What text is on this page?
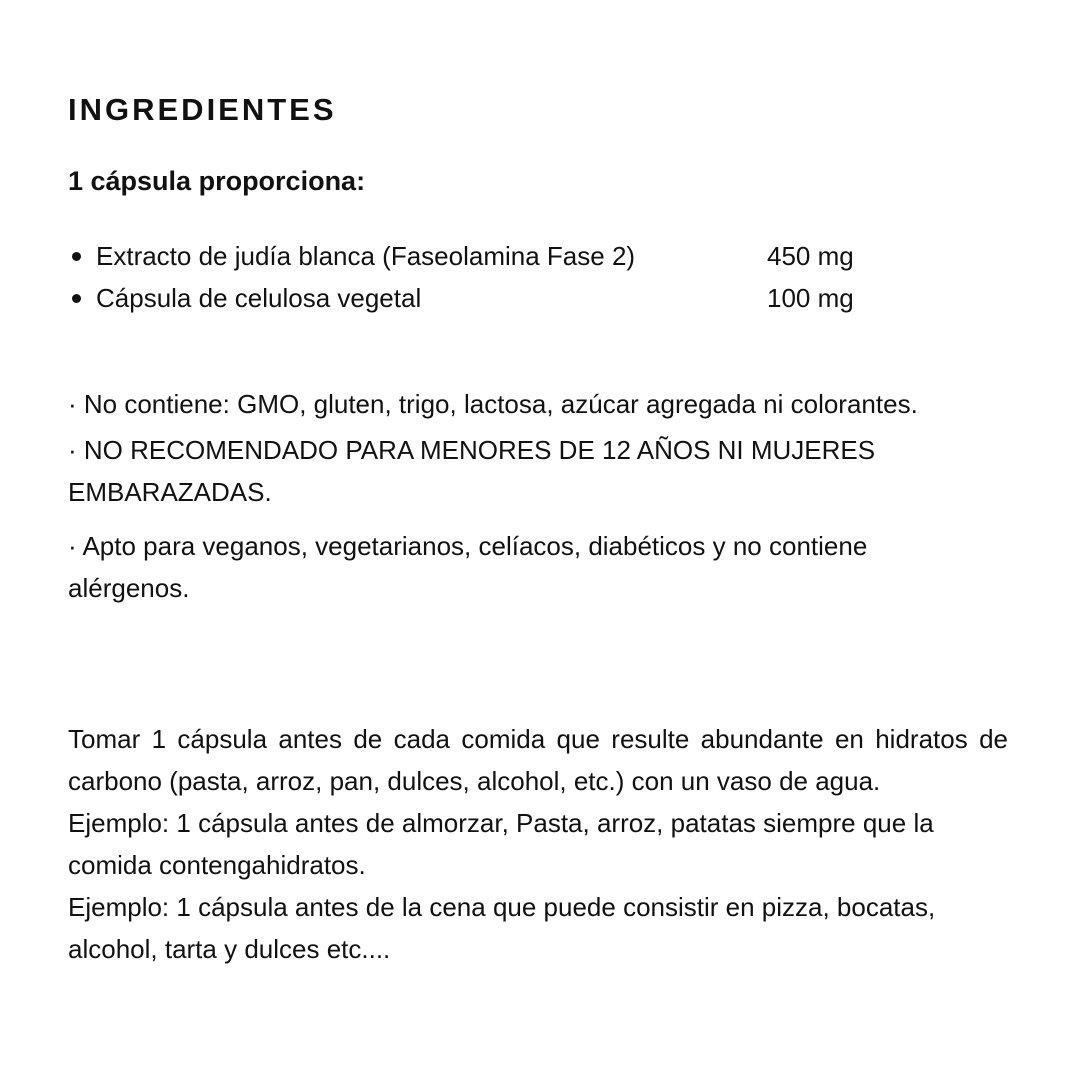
INGREDIENTES
1 cápsula proporciona:
Extracto de judía blanca (Faseolamina Fase 2)	450 mg
Cápsula de celulosa vegetal	100 mg

· No contiene: GMO, gluten, trigo, lactosa, azúcar agregada ni colorantes.

· NO RECOMENDADO PARA MENORES DE 12 AÑOS NI MUJERES EMBARAZADAS.

· Apto para veganos, vegetarianos, celíacos, diabéticos y no contiene alérgenos.

Tomar 1 cápsula antes de cada comida que resulte abundante en hidratos de carbono (pasta, arroz, pan, dulces, alcohol, etc.) con un vaso de agua.

Ejemplo: 1 cápsula antes de almorzar, Pasta, arroz, patatas siempre que la comida contengahidratos.

Ejemplo: 1 cápsula antes de la cena que puede consistir en pizza, bocatas, alcohol, tarta y dulces etc....
